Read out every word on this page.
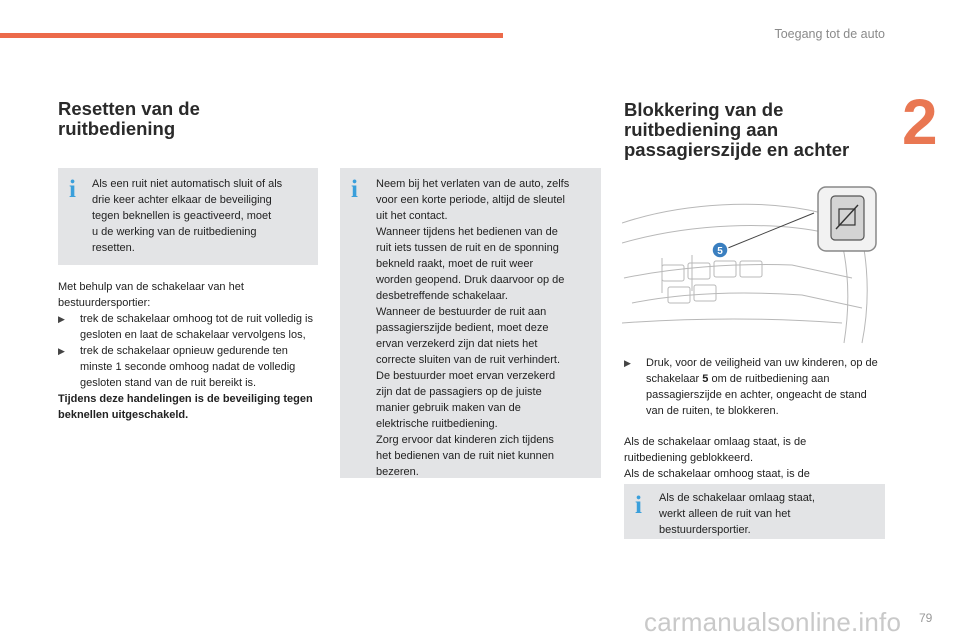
Toegang tot de auto
2
Resetten van de ruitbediening
i Als een ruit niet automatisch sluit of als
drie keer achter elkaar de beveiliging
tegen beknellen is geactiveerd, moet
u de werking van de ruitbediening
resetten.

Met behulp van de schakelaar van het bestuurdersportier:

▶ trek de schakelaar omhoog tot de ruit volledig is gesloten en laat de schakelaar vervolgens los,
▶ trek de schakelaar opnieuw gedurende ten minste 1 seconde omhoog nadat de volledig gesloten stand van de ruit bereikt is.

Tijdens deze handelingen is de beveiliging tegen beknellen uitgeschakeld.

i Neem bij het verlaten van de auto, zelfs
voor een korte periode, altijd de sleutel
uit het contact.
Wanneer tijdens het bedienen van de
ruit iets tussen de ruit en de sponning
bekneld raakt, moet de ruit weer
worden geopend. Druk daarvoor op de
desbetreffende schakelaar.
Wanneer de bestuurder de ruit aan
passagierszijde bedient, moet deze
ervan verzekerd zijn dat niets het
correcte sluiten van de ruit verhindert.
De bestuurder moet ervan verzekerd
zijn dat de passagiers op de juiste
manier gebruik maken van de
elektrische ruitbediening.
Zorg ervoor dat kinderen zich tijdens
het bedienen van de ruit niet kunnen
bezeren.

Blokkering van de ruitbediening aan passagierszijde en achter
5
▶ Druk, voor de veiligheid van uw kinderen, op de schakelaar 5 om de ruitbediening aan passagierszijde en achter, ongeacht de stand van de ruiten, te blokkeren.

Als de schakelaar omlaag staat, is de
ruitbediening geblokkeerd.
Als de schakelaar omhoog staat, is de

i Als de schakelaar omlaag staat,
werkt alleen de ruit van het
bestuurdersportier.

carmanualsonline.info 79
